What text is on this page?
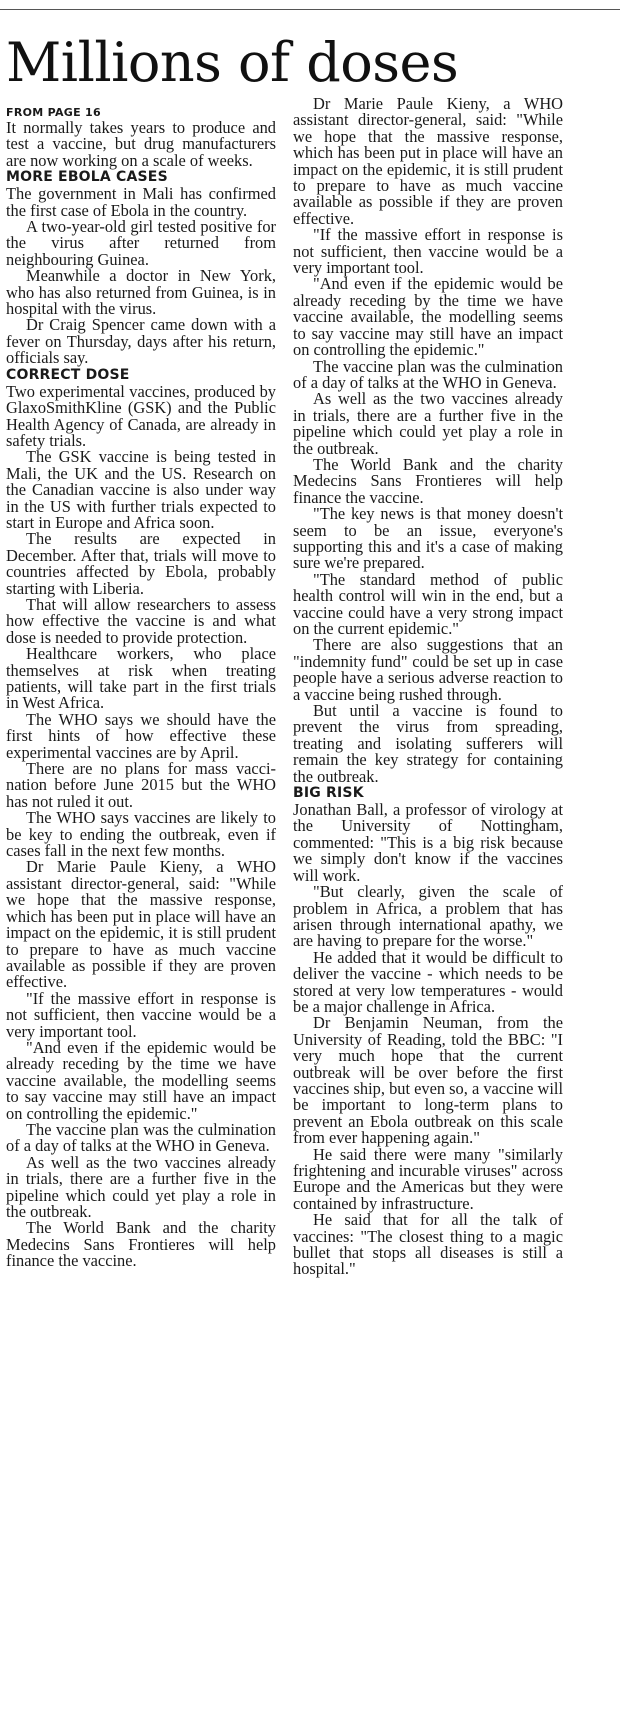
Millions of doses
FROM PAGE 16

It normally takes years to produce and test a vaccine, but drug manufacturers are now working on a scale of weeks.

MORE EBOLA CASES

The government in Mali has confirmed the first case of Ebola in the country.

A two-year-old girl tested positive for the virus after returned from neighbouring Guinea.

Meanwhile a doctor in New York, who has also returned from Guinea, is in hospital with the virus.

Dr Craig Spencer came down with a fever on Thursday, days after his return, officials say.

CORRECT DOSE

Two experimental vaccines, produced by GlaxoSmithKline (GSK) and the Public Health Agency of Canada, are already in safety trials.

The GSK vaccine is being tested in Mali, the UK and the US. Research on the Canadian vaccine is also under way in the US with further trials expected to start in Europe and Africa soon.

The results are expected in December. After that, trials will move to countries affected by Ebola, probably starting with Liberia.

That will allow researchers to assess how effective the vaccine is and what dose is needed to provide protection.

Healthcare workers, who place themselves at risk when treating patients, will take part in the first trials in West Africa.

The WHO says we should have the first hints of how effective these experimental vaccines are by April.

There are no plans for mass vaccination before June 2015 but the WHO has not ruled it out.

The WHO says vaccines are likely to be key to ending the outbreak, even if cases fall in the next few months.

Dr Marie Paule Kieny, a WHO assistant director-general, said: "While we hope that the massive response, which has been put in place will have an impact on the epidemic, it is still prudent to prepare to have as much vaccine available as possible if they are proven effective.

"If the massive effort in response is not sufficient, then vaccine would be a very important tool.

"And even if the epidemic would be already receding by the time we have vaccine available, the modelling seems to say vaccine may still have an impact on controlling the epidemic."

The vaccine plan was the culmination of a day of talks at the WHO in Geneva.

As well as the two vaccines already in trials, there are a further five in the pipeline which could yet play a role in the outbreak.

The World Bank and the charity Medecins Sans Frontieres will help finance the vaccine.

Dr Marie Paule Kieny, a WHO assistant director-general, said: "While we hope that the massive response, which has been put in place will have an impact on the epidemic, it is still prudent to prepare to have as much vaccine available as possible if they are proven effective.

"If the massive effort in response is not sufficient, then vaccine would be a very important tool.

"And even if the epidemic would be already receding by the time we have vaccine available, the modelling seems to say vaccine may still have an impact on controlling the epidemic."

The vaccine plan was the culmination of a day of talks at the WHO in Geneva.

As well as the two vaccines already in trials, there are a further five in the pipeline which could yet play a role in the outbreak.

The World Bank and the charity Medecins Sans Frontieres will help finance the vaccine.

"The key news is that money doesn't seem to be an issue, everyone's supporting this and it's a case of making sure we're prepared.

"The standard method of public health control will win in the end, but a vaccine could have a very strong impact on the current epidemic."

There are also suggestions that an "indemnity fund" could be set up in case people have a serious adverse reaction to a vaccine being rushed through.

But until a vaccine is found to prevent the virus from spreading, treating and isolating sufferers will remain the key strategy for containing the outbreak.

BIG RISK

Jonathan Ball, a professor of virology at the University of Nottingham, commented: "This is a big risk because we simply don't know if the vaccines will work.

"But clearly, given the scale of problem in Africa, a problem that has arisen through international apathy, we are having to prepare for the worse."

He added that it would be difficult to deliver the vaccine - which needs to be stored at very low temperatures - would be a major challenge in Africa.

Dr Benjamin Neuman, from the University of Reading, told the BBC: "I very much hope that the current outbreak will be over before the first vaccines ship, but even so, a vaccine will be important to long-term plans to prevent an Ebola outbreak on this scale from ever happening again."

He said there were many "similarly frightening and incurable viruses" across Europe and the Americas but they were contained by infrastructure.

He said that for all the talk of vaccines: "The closest thing to a magic bullet that stops all diseases is still a hospital."
